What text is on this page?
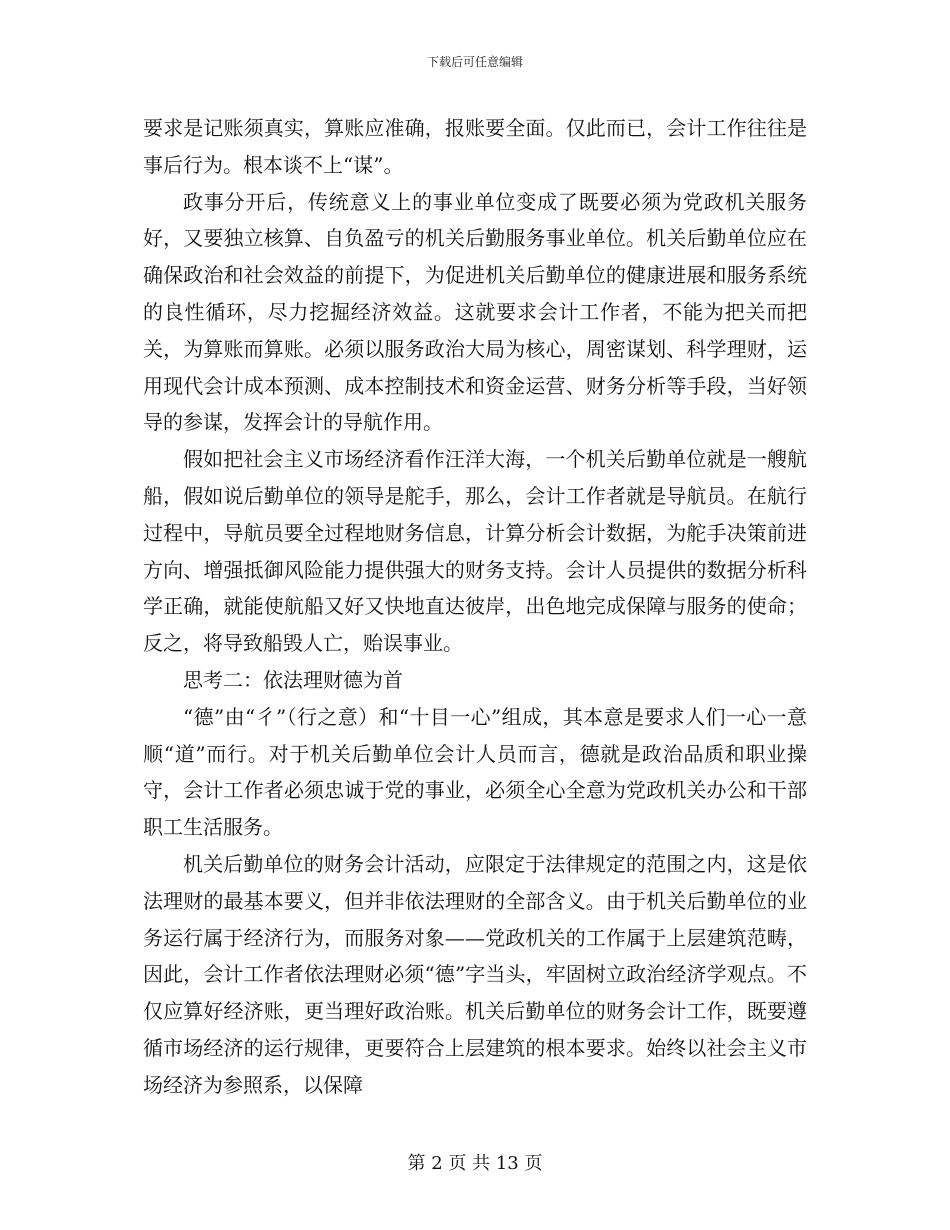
下载后可任意编辑

要求是记账须真实，算账应准确，报账要全面。仅此而已，会计工作往往是事后行为。根本谈不上“谋”。

政事分开后，传统意义上的事业单位变成了既要必须为党政机关服务好，又要独立核算、自负盈亏的机关后勤服务事业单位。机关后勤单位应在确保政治和社会效益的前提下，为促进机关后勤单位的健康进展和服务系统的良性循环，尽力挖掘经济效益。这就要求会计工作者，不能为把关而把关，为算账而算账。必须以服务政治大局为核心，周密谋划、科学理财，运用现代会计成本预测、成本控制技术和资金运营、财务分析等手段，当好领导的参谋，发挥会计的导航作用。

假如把社会主义市场经济看作汪洋大海，一个机关后勤单位就是一艘航船，假如说后勤单位的领导是舵手，那么，会计工作者就是导航员。在航行过程中，导航员要全过程地财务信息，计算分析会计数据，为舵手决策前进方向、增强抵御风险能力提供强大的财务支持。会计人员提供的数据分析科学正确，就能使航船又好又快地直达彼岸，出色地完成保障与服务的使命；反之，将导致船毁人亡，贻误事业。

思考二：依法理财德为首

“德”由“彳”（行之意）和“十目一心”组成，其本意是要求人们一心一意顺“道”而行。对于机关后勤单位会计人员而言，德就是政治品质和职业操守，会计工作者必须忠诚于党的事业，必须全心全意为党政机关办公和干部职工生活服务。

机关后勤单位的财务会计活动，应限定于法律规定的范围之内，这是依法理财的最基本要义，但并非依法理财的全部含义。由于机关后勤单位的业务运行属于经济行为，而服务对象——党政机关的工作属于上层建筑范畴，因此，会计工作者依法理财必须“德”字当头，牢固树立政治经济学观点。不仅应算好经济账，更当理好政治账。机关后勤单位的财务会计工作，既要遵循市场经济的运行规律，更要符合上层建筑的根本要求。始终以社会主义市场经济为参照系，以保障

第 2 页 共 13 页
